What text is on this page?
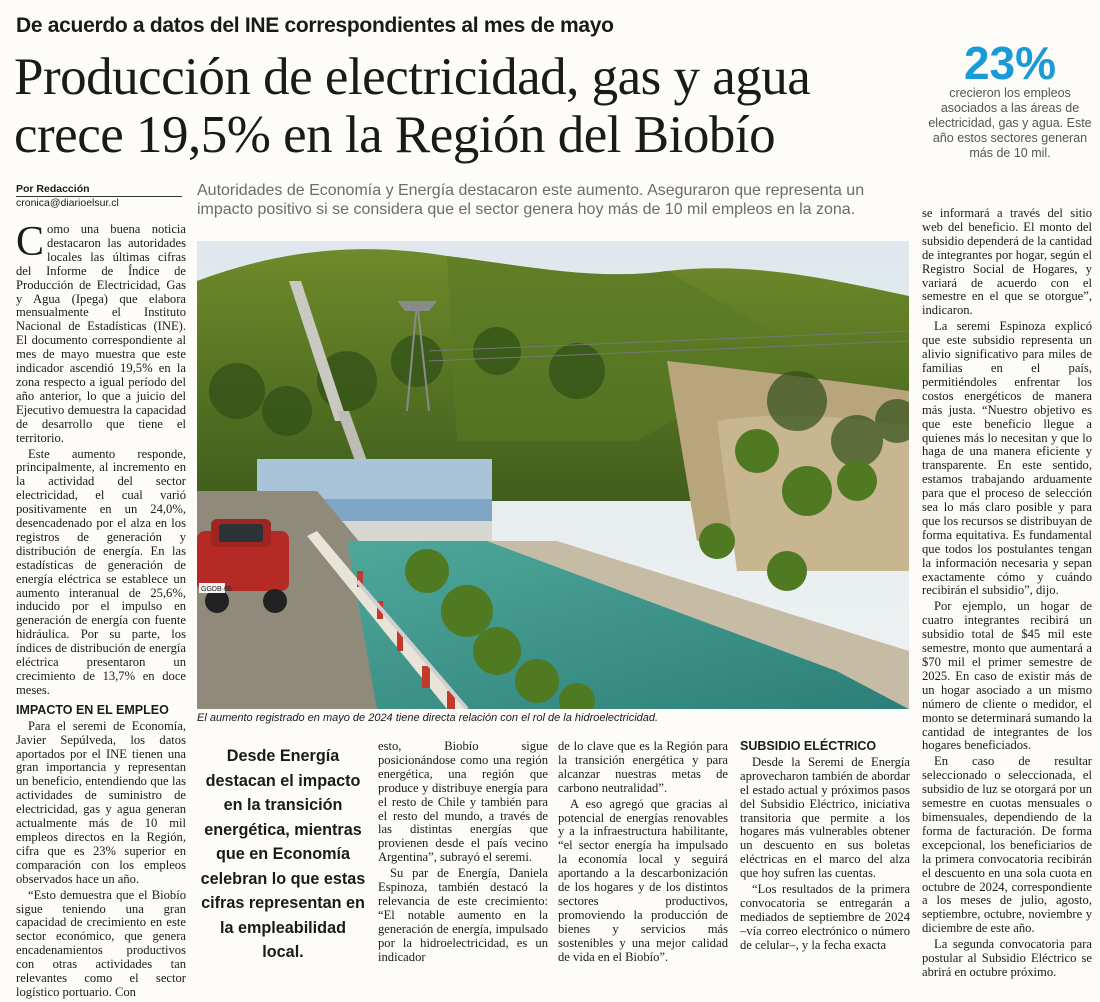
De acuerdo a datos del INE correspondientes al mes de mayo
Producción de electricidad, gas y agua
crece 19,5% en la Región del Biobío
23%
crecieron los empleos asociados a las áreas de electricidad, gas y agua. Este año estos sectores generan más de 10 mil.
Por Redacción
cronica@diarioelsur.cl
Autoridades de Economía y Energía destacaron este aumento. Aseguraron que representa un impacto positivo si se considera que el sector genera hoy más de 10 mil empleos en la zona.

Como una buena noticia destacaron las autoridades locales las últimas cifras del Informe de Índice de Producción de Electricidad, Gas y Agua (Ipega) que elabora mensualmente el Instituto Nacional de Estadísticas (INE). El documento correspondiente al mes de mayo muestra que este indicador ascendió 19,5% en la zona respecto a igual período del año anterior, lo que a juicio del Ejecutivo demuestra la capacidad de desarrollo que tiene el territorio.

Este aumento responde, principalmente, al incremento en la actividad del sector electricidad, el cual varió positivamente en un 24,0%, desencadenado por el alza en los registros de generación y distribución de energía. En las estadísticas de generación de energía eléctrica se establece un aumento interanual de 25,6%, inducido por el impulso en generación de energía con fuente hidráulica. Por su parte, los índices de distribución de energía eléctrica presentaron un crecimiento de 13,7% en doce meses.

IMPACTO EN EL EMPLEO

Para el seremi de Economía, Javier Sepúlveda, los datos aportados por el INE tienen una gran importancia y representan un beneficio, entendiendo que las actividades de suministro de electricidad, gas y agua generan actualmente más de 10 mil empleos directos en la Región, cifra que es 23% superior en comparación con los empleos observados hace un año.

“Esto demuestra que el Biobío sigue teniendo una gran capacidad de crecimiento en este sector económico, que genera encadenamientos productivos con otras actividades tan relevantes como el sector logístico portuario. Con

GGDB·65
El aumento registrado en mayo de 2024 tiene directa relación con el rol de la hidroelectricidad.
Desde Energía destacan el impacto en la transición energética, mientras que en Economía celebran lo que estas cifras representan en la empleabilidad local.

esto, Biobío sigue posicionándose como una región energética, una región que produce y distribuye energía para el resto de Chile y también para el resto del mundo, a través de las distintas energías que provienen desde el país vecino Argentina”, subrayó el seremi.

Su par de Energía, Daniela Espinoza, también destacó la relevancia de este crecimiento: “El notable aumento en la generación de energía, impulsado por la hidroelectricidad, es un indicador

de lo clave que es la Región para la transición energética y para alcanzar nuestras metas de carbono neutralidad”.

A eso agregó que gracias al potencial de energías renovables y a la infraestructura habilitante, “el sector energía ha impulsado la economía local y seguirá aportando a la descarbonización de los hogares y de los distintos sectores productivos, promoviendo la producción de bienes y servicios más sostenibles y una mejor calidad de vida en el Biobío”.

SUBSIDIO ELÉCTRICO

Desde la Seremi de Energía aprovecharon también de abordar el estado actual y próximos pasos del Subsidio Eléctrico, iniciativa transitoria que permite a los hogares más vulnerables obtener un descuento en sus boletas eléctricas en el marco del alza que hoy sufren las cuentas.

“Los resultados de la primera convocatoria se entregarán a mediados de septiembre de 2024 –vía correo electrónico o número de celular–, y la fecha exacta

se informará a través del sitio web del beneficio. El monto del subsidio dependerá de la cantidad de integrantes por hogar, según el Registro Social de Hogares, y variará de acuerdo con el semestre en el que se otorgue”, indicaron.

La seremi Espinoza explicó que este subsidio representa un alivio significativo para miles de familias en el país, permitiéndoles enfrentar los costos energéticos de manera más justa. “Nuestro objetivo es que este beneficio llegue a quienes más lo necesitan y que lo haga de una manera eficiente y transparente. En este sentido, estamos trabajando arduamente para que el proceso de selección sea lo más claro posible y para que los recursos se distribuyan de forma equitativa. Es fundamental que todos los postulantes tengan la información necesaria y sepan exactamente cómo y cuándo recibirán el subsidio”, dijo.

Por ejemplo, un hogar de cuatro integrantes recibirá un subsidio total de $45 mil este semestre, monto que aumentará a $70 mil el primer semestre de 2025. En caso de existir más de un hogar asociado a un mismo número de cliente o medidor, el monto se determinará sumando la cantidad de integrantes de los hogares beneficiados.

En caso de resultar seleccionado o seleccionada, el subsidio de luz se otorgará por un semestre en cuotas mensuales o bimensuales, dependiendo de la forma de facturación. De forma excepcional, los beneficiarios de la primera convocatoria recibirán el descuento en una sola cuota en octubre de 2024, correspondiente a los meses de julio, agosto, septiembre, octubre, noviembre y diciembre de este año.

La segunda convocatoria para postular al Subsidio Eléctrico se abrirá en octubre próximo.
